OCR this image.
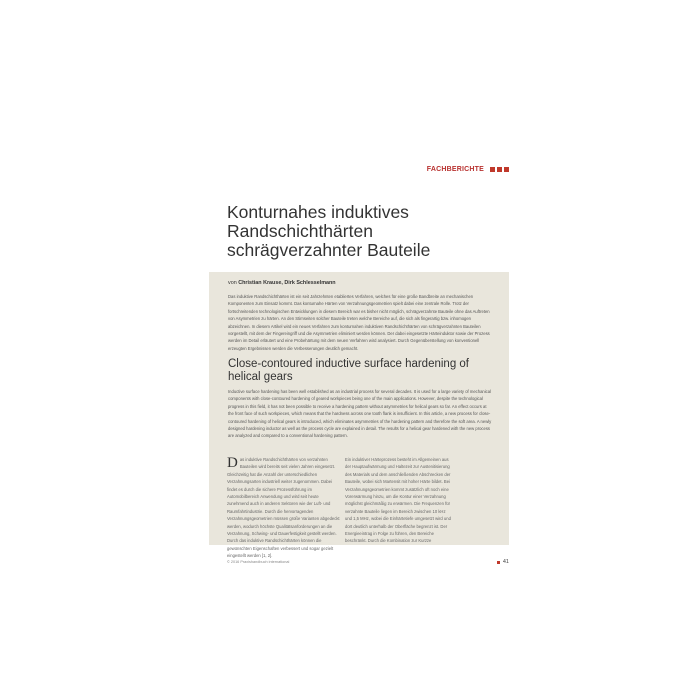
FACHBERICHTE
Konturnahes induktives Randschichthärten schrägverzahnter Bauteile
von Christian Krause, Dirk Schlesselmann

Das induktive Randschichthärten ist ein seit Jahrzehnten etabliertes Verfahren, welches für eine große Bandbreite an mechanischen Komponenten zum Einsatz kommt. Das konturnahe Härten von Verzahnungsgeometrien spielt dabei eine zentrale Rolle. Trotz der fortschreitenden technologischen Entwicklungen in diesem Bereich war es bisher nicht möglich, schrägverzahnte Bauteile ohne das Auftreten von Asymmetrien zu härten. An den Stirnseiten solcher Bauteile treten welche Bereiche auf, die sich als fingerartig bzw. inhomogen abzeichnen. In diesem Artikel wird ein neues Verfahren zum konturnahen induktiven Randschichthärten von schrägverzahnten Bauteilen vorgestellt, mit dem der Fingereingriff und die Asymmetrien eliminiert werden können. Der dabei eingesetzte Härteinduktor sowie der Prozess werden im Detail erläutert und eine Probehärtung mit dem neuen Verfahren wird analysiert. Durch Gegenüberstellung von konventionell erzeugten Ergebnissen werden die Verbesserungen deutlich gemacht.

Close-contoured inductive surface hardening of helical gears

Inductive surface hardening has been well established as an industrial process for several decades. It is used for a large variety of mechanical components with close-contoured hardening of geared workpieces being one of the main applications. However, despite the technological progress in this field, it has not been possible to receive a hardening pattern without asymmetries for helical gears so far. An effect occurs at the front face of such workpieces, which means that the hardness across one tooth flank is insufficient. In this article, a new process for close-contoured hardening of helical gears is introduced, which eliminates asymmetries of the hardening pattern and therefore the soft area. A newly designed hardening inductor as well as the process cycle are explained in detail. The results for a helical gear hardened with the new process are analyzed and compared to a conventional hardening pattern.

Das induktive Randschichthärten von verzahnten Bauteilen wird bereits seit vielen Jahren eingesetzt. Gleichzeitig hat die Anzahl der unterschiedlichen Verzahnungsarten industriell weiter zugenommen. Dabei findet es durch die sichere Prozessführung im Automobilbereich Anwendung und wird seit heute zunehmend auch in anderen Sektoren wie der Luft- und Raumfahrtindustrie. Durch die hervorragenden Verzahnungsgeometrien müssen große Varianten abgedeckt werden, wodurch höchste Qualitätsanforderungen an die Verzahnung, Schwing- und Dauerfestigkeit gestellt werden. Durch das induktive Randschichthärten können die gewünschten Eigenschaften verbessert und sogar gezielt eingestellt werden [1, 2].
Ein induktiver Härteprozess besteht im Allgemeinen aus der Hauptaufwärmung und Haltezeit zur Austenitisierung des Materials und dem anschließenden Abschrecken der Bauteile, wobei sich Martensit mit hoher Härte bildet. Bei Verzahnungsgeometrien kommt zusätzlich oft noch eine Vorerwärmung hinzu, um die Kontur einer Verzahnung möglichst gleichmäßig zu erwärmen. Die Frequenzen für verzahnte Bauteile liegen im Bereich zwischen 10 kHz und 1,5 MHz, wobei die Einhärtetiefe umgesetzt wird und dort deutlich unterhalb der Oberfläche begrenzt ist. Der Energieeintrag in Folge zu führen, den Bereiche beschränkt. Durch die Kombination zur Kurzze
© 2016 Praxishandbuch international	41
